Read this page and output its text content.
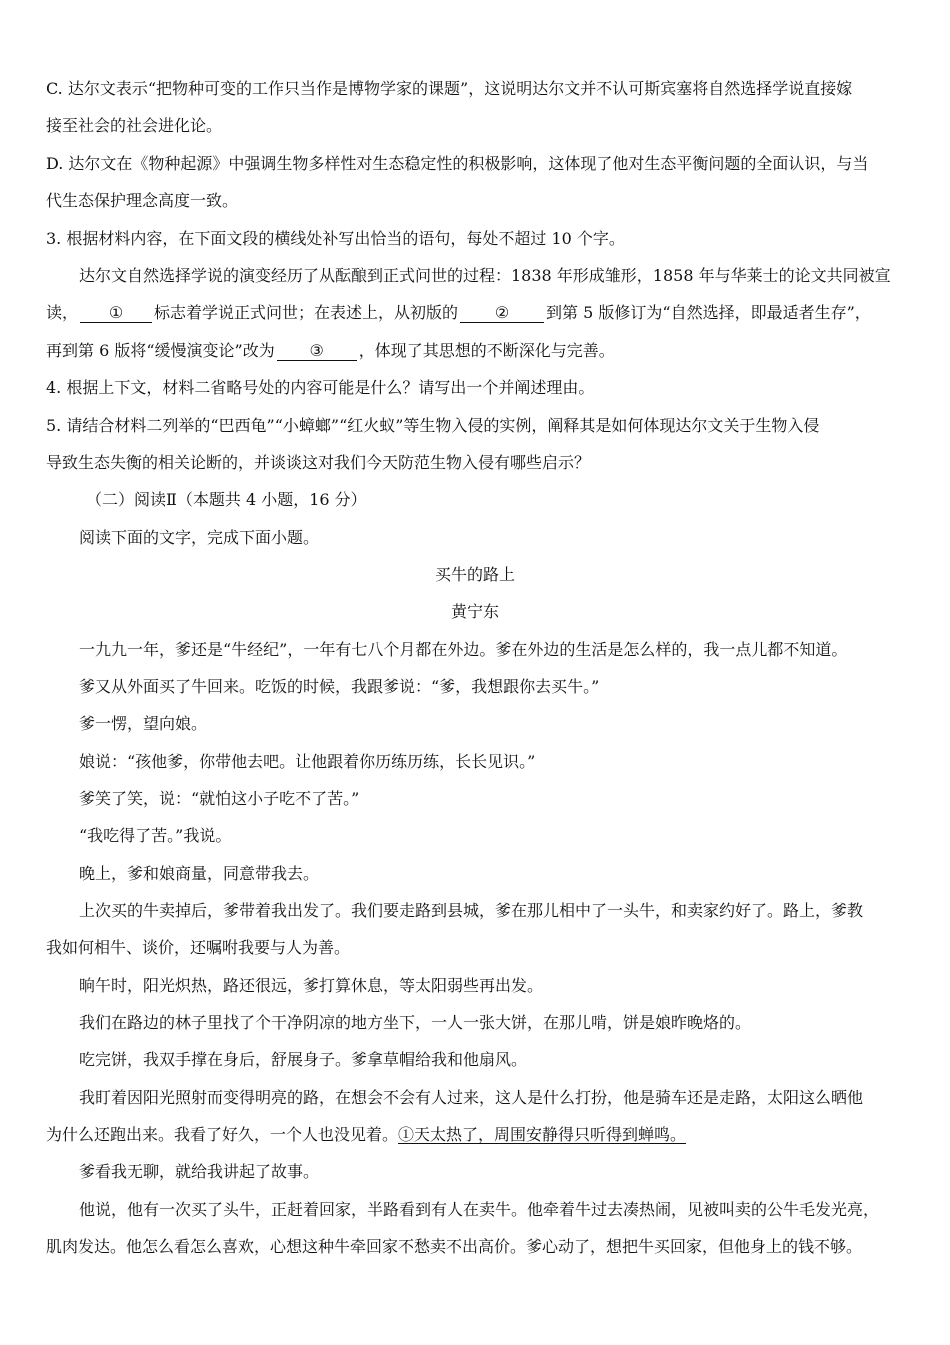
C. 达尔文表示“把物种可变的工作只当作是博物学家的课题”，这说明达尔文并不认可斯宾塞将自然选择学说直接嫁
接至社会的社会进化论。
D. 达尔文在《物种起源》中强调生物多样性对生态稳定性的积极影响，这体现了他对生态平衡问题的全面认识，与当
代生态保护理念高度一致。
3. 根据材料内容，在下面文段的横线处补写出恰当的语句，每处不超过 10 个字。
达尔文自然选择学说的演变经历了从酝酿到正式问世的过程：1838 年形成雏形，1858 年与华莱士的论文共同被宣
读， ① 标志着学说正式问世；在表述上，从初版的 ② 到第 5 版修订为“自然选择，即最适者生存”，
再到第 6 版将“缓慢演变论”改为 ③ ，体现了其思想的不断深化与完善。
4. 根据上下文，材料二省略号处的内容可能是什么？请写出一个并阐述理由。
5. 请结合材料二列举的“巴西龟”“小蟑螂”“红火蚁”等生物入侵的实例，阐释其是如何体现达尔文关于生物入侵
导致生态失衡的相关论断的，并谈谈这对我们今天防范生物入侵有哪些启示？
（二）阅读Ⅱ（本题共 4 小题，16 分）
阅读下面的文字，完成下面小题。
买牛的路上
黄宁东
一九九一年，爹还是“牛经纪”，一年有七八个月都在外边。爹在外边的生活是怎么样的，我一点儿都不知道。
爹又从外面买了牛回来。吃饭的时候，我跟爹说：“爹，我想跟你去买牛。”
爹一愣，望向娘。
娘说：“孩他爹，你带他去吧。让他跟着你历练历练，长长见识。”
爹笑了笑，说：“就怕这小子吃不了苦。”
“我吃得了苦。”我说。
晚上，爹和娘商量，同意带我去。
上次买的牛卖掉后，爹带着我出发了。我们要走路到县城，爹在那儿相中了一头牛，和卖家约好了。路上，爹教
我如何相牛、谈价，还嘱咐我要与人为善。
晌午时，阳光炽热，路还很远，爹打算休息，等太阳弱些再出发。
我们在路边的林子里找了个干净阴凉的地方坐下，一人一张大饼，在那儿啃，饼是娘昨晚烙的。
吃完饼，我双手撑在身后，舒展身子。爹拿草帽给我和他扇风。
我盯着因阳光照射而变得明亮的路，在想会不会有人过来，这人是什么打扮，他是骑车还是走路，太阳这么晒他
为什么还跑出来。我看了好久，一个人也没见着。①天太热了，周围安静得只听得到蝉鸣。
爹看我无聊，就给我讲起了故事。
他说，他有一次买了头牛，正赶着回家，半路看到有人在卖牛。他牵着牛过去凑热闹，见被叫卖的公牛毛发光亮，
肌肉发达。他怎么看怎么喜欢，心想这种牛牵回家不愁卖不出高价。爹心动了，想把牛买回家，但他身上的钱不够。
